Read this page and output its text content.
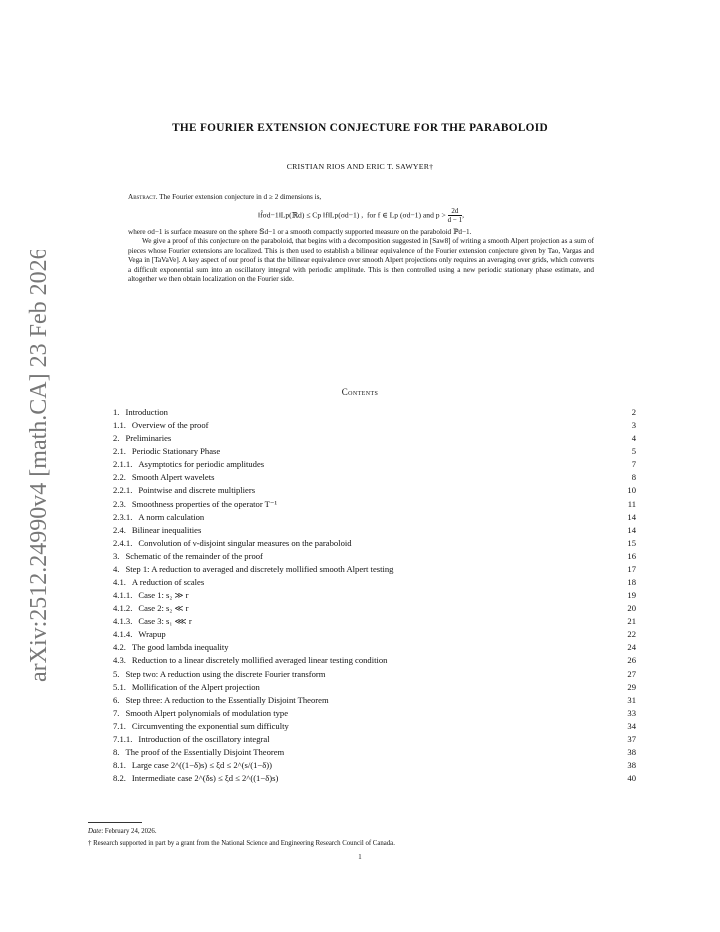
arXiv:2512.24990v4 [math.CA] 23 Feb 2026
THE FOURIER EXTENSION CONJECTURE FOR THE PARABOLOID
CRISTIAN RIOS AND ERIC T. SAWYER†

Abstract. The Fourier extension conjecture in d ≥ 2 dimensions is,

‖f̂σd−1‖Lp(ℝd) ≤ Cp ‖f‖Lp(σd−1) , for f ∈ Lp (σd−1) and $p > \frac{2d}{d - 1}$,

where σd−1 is surface measure on the sphere 𝕊d−1 or a smooth compactly supported measure on the paraboloid ℙd−1.

We give a proof of this conjecture on the paraboloid, that begins with a decomposition suggested in [Saw8] of writing a smooth Alpert projection as a sum of pieces whose Fourier extensions are localized. This is then used to establish a bilinear equivalence of the Fourier extension conjecture given by Tao, Vargas and Vega in [TaVaVe]. A key aspect of our proof is that the bilinear equivalence over smooth Alpert projections only requires an averaging over grids, which converts a difficult exponential sum into an oscillatory integral with periodic amplitude. This is then controlled using a new periodic stationary phase estimate, and altogether we then obtain localization on the Fourier side.

Contents
1. Introduction	2
1.1. Overview of the proof	3
2. Preliminaries	4
2.1. Periodic Stationary Phase	5
2.1.1. Asymptotics for periodic amplitudes	7
2.2. Smooth Alpert wavelets	8
2.2.1. Pointwise and discrete multipliers	10
2.3. Smoothness properties of the operator T⁻¹	11
2.3.1. A norm calculation	14
2.4. Bilinear inequalities	14
2.4.1. Convolution of ν-disjoint singular measures on the paraboloid	15
3. Schematic of the remainder of the proof	16
4. Step 1: A reduction to averaged and discretely mollified smooth Alpert testing	17
4.1. A reduction of scales	18
4.1.1. Case 1: s₂ ≫ r	19
4.1.2. Case 2: s₂ ≪ r	20
4.1.3. Case 3: s₁ ⋘ r	21
4.1.4. Wrapup	22
4.2. The good lambda inequality	24
4.3. Reduction to a linear discretely mollified averaged linear testing condition	26
5. Step two: A reduction using the discrete Fourier transform	27
5.1. Mollification of the Alpert projection	29
6. Step three: A reduction to the Essentially Disjoint Theorem	31
7. Smooth Alpert polynomials of modulation type	33
7.1. Circumventing the exponential sum difficulty	34
7.1.1. Introduction of the oscillatory integral	37
8. The proof of the Essentially Disjoint Theorem	38
8.1. Large case 2^((1−δ)s) ≤ ξd ≤ 2^(s/(1−δ))	38
8.2. Intermediate case 2^(δs) ≤ ξd ≤ 2^((1−δ)s)	40
Date: February 24, 2026.
† Research supported in part by a grant from the National Science and Engineering Research Council of Canada.
1
